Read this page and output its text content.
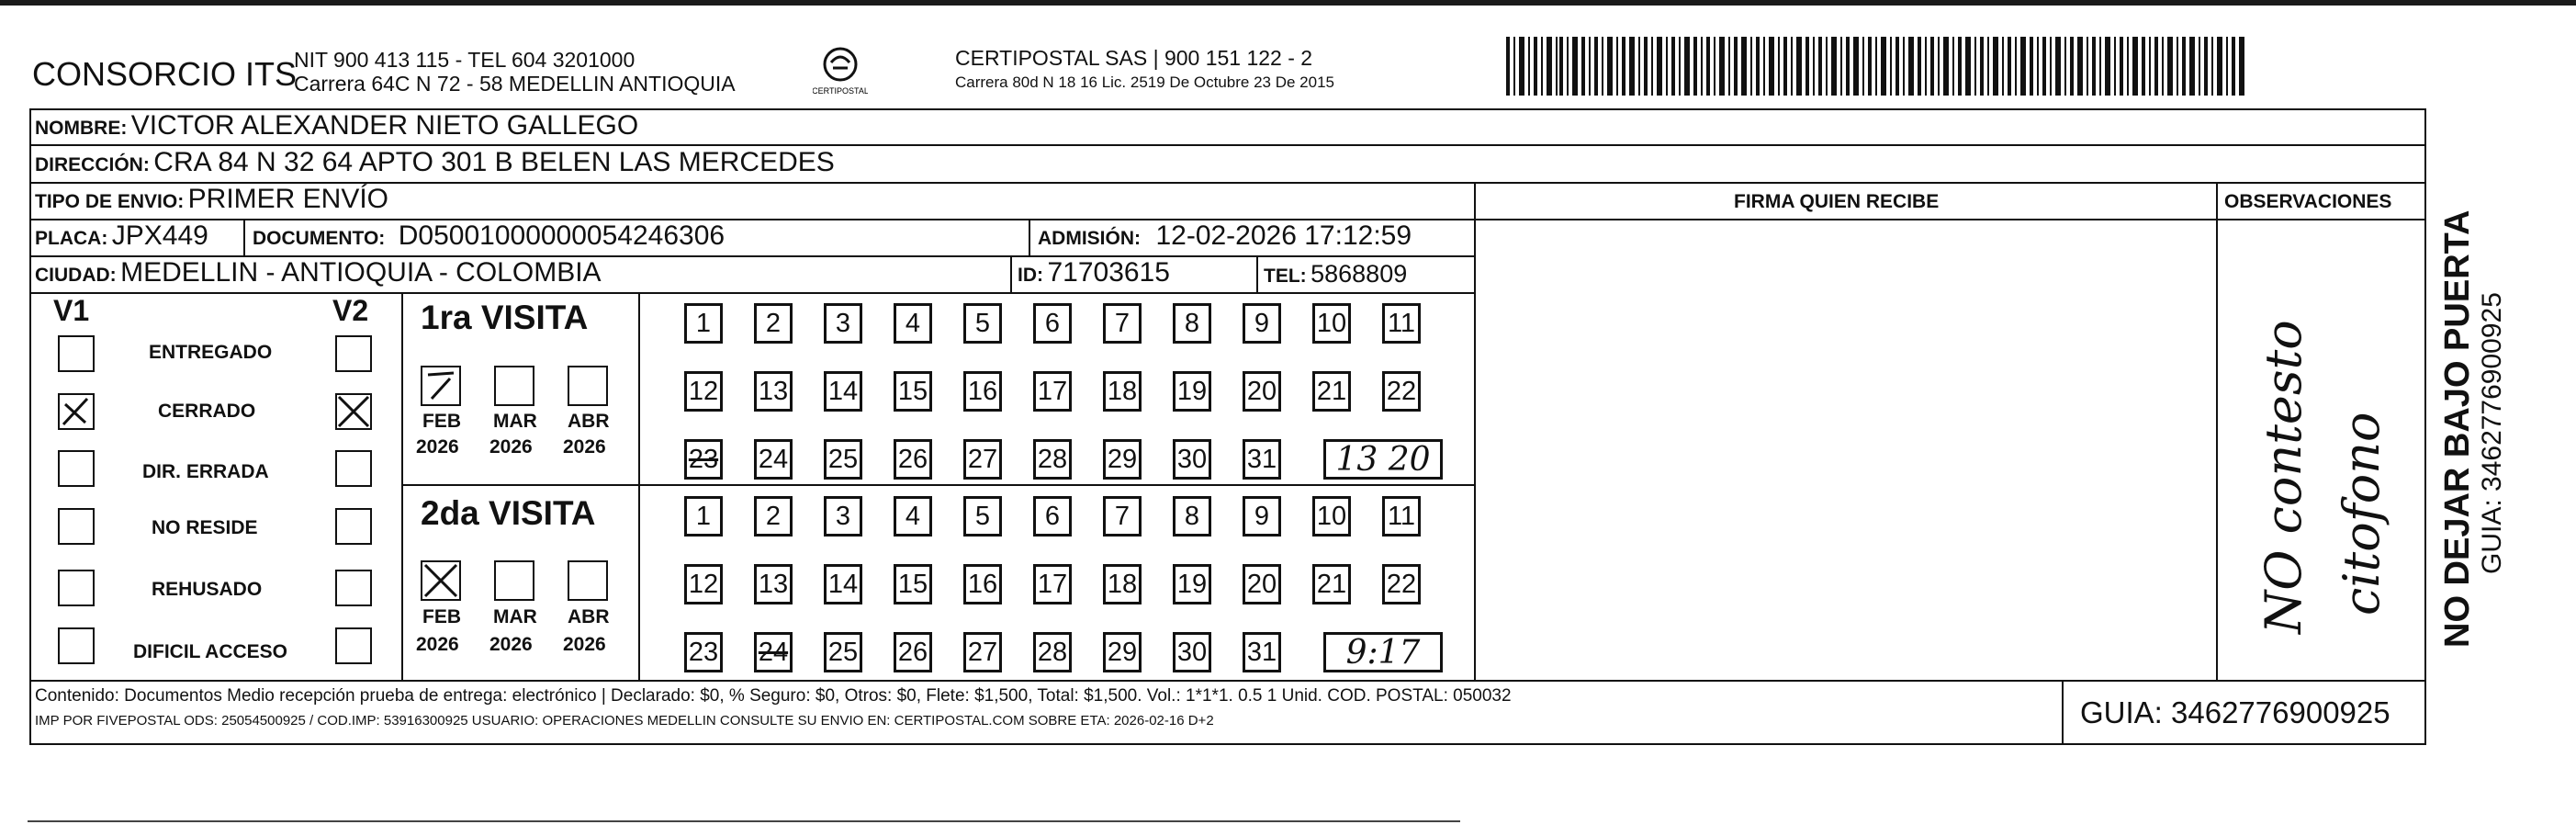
CONSORCIO ITS
NIT 900 413 115 - TEL 604 3201000
Carrera 64C N 72 - 58 MEDELLIN ANTIOQUIA	CERTIPOSTAL
CERTIPOSTAL SAS | 900 151 122 - 2
Carrera 80d N 18 16 Lic. 2519 De Octubre 23 De 2015
NOMBRE: VICTOR ALEXANDER NIETO GALLEGO
DIRECCIÓN: CRA 84 N 32 64 APTO 301 B BELEN LAS MERCEDES
TIPO DE ENVIO: PRIMER ENVÍO	FIRMA QUIEN RECIBE	OBSERVACIONES
PLACA: JPX449 DOCUMENTO: D05001000000054246306	ADMISIÓN: 12-02-2026 17:12:59
CIUDAD: MEDELLIN - ANTIOQUIA - COLOMBIA	ID: 71703615	TEL: 5868809
V1	V2
ENTREGADO
CERRADO
DIR. ERRADA
NO RESIDE
REHUSADO
DIFICIL ACCESO
1ra VISITA
FEB MAR ABR
2026 2026 2026
2da VISITA
FEB MAR ABR
2026 2026 2026
1	2	3	4	5	6	7	8	9	10 11
12 13 14 15 16 17 18 19 20 21 22
23 24 25 26 27 28 29 30 31	13 20
1	2	3	4	5	6	7	8	9	10 11
12 13 14 15 16 17 18 19 20 21 22
23 24 25 26 27 28 29 30 31	9:17
NO contesto citofono
Contenido: Documentos Medio recepción prueba de entrega: electrónico | Declarado: $0, % Seguro: $0, Otros: $0, Flete: $1,500, Total: $1,500. Vol.: 1*1*1. 0.5 1 Unid. COD. POSTAL: 050032
IMP POR FIVEPOSTAL ODS: 25054500925 / COD.IMP: 53916300925 USUARIO: OPERACIONES MEDELLIN CONSULTE SU ENVIO EN: CERTIPOSTAL.COM SOBRE ETA: 2026-02-16 D+2	GUIA: 3462776900925
NO DEJAR BAJO PUERTA GUIA: 3462776900925
